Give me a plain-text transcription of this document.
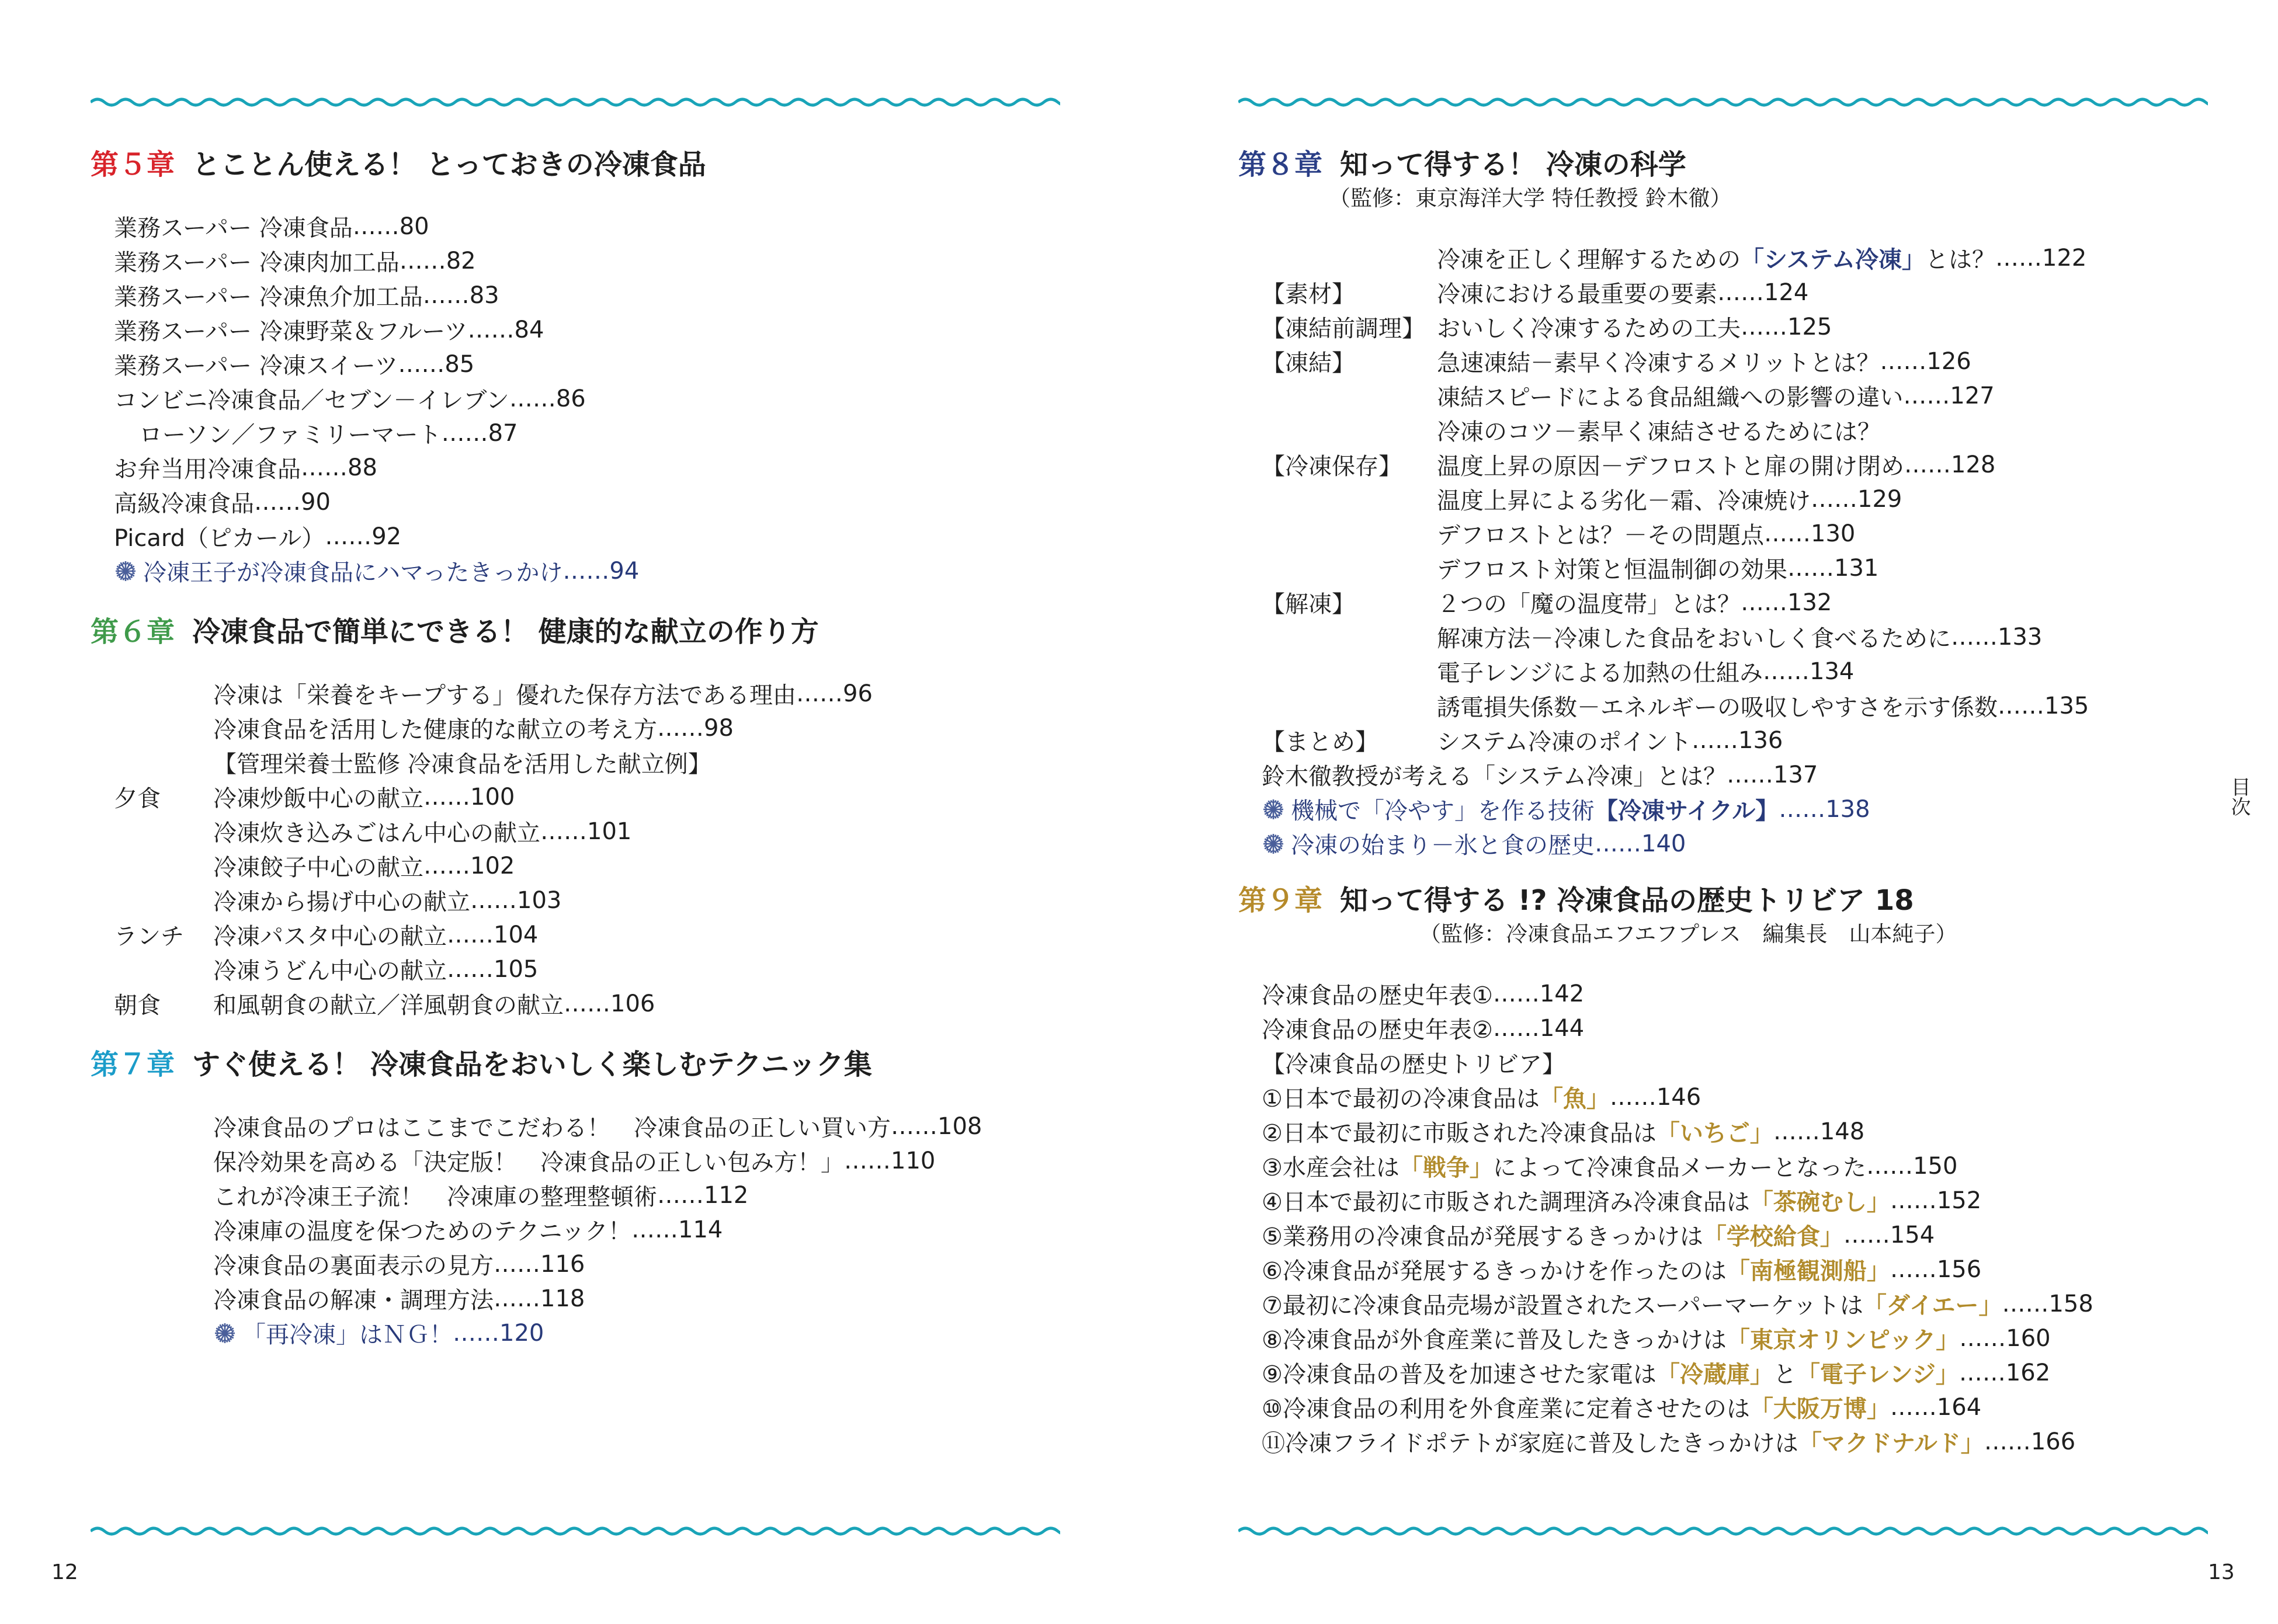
第５章 とことん使える！ とっておきの冷凍食品
業務スーパー 冷凍食品 ……80
業務スーパー 冷凍肉加工品 ……82
業務スーパー 冷凍魚介加工品 ……83
業務スーパー 冷凍野菜＆フルーツ ……84
業務スーパー 冷凍スイーツ ……85
コンビニ冷凍食品／セブン－イレブン ……86
ローソン／ファミリーマート ……87
お弁当用冷凍食品 ……88
高級冷凍食品 ……90
Picard（ピカール） ……92
冷凍王子が冷凍食品にハマったきっかけ ……94
第６章 冷凍食品で簡単にできる！ 健康的な献立の作り方
冷凍は「栄養をキープする」優れた保存方法である理由 ……96
冷凍食品を活用した健康的な献立の考え方 ……98
【管理栄養士監修 冷凍食品を活用した献立例】
夕食	冷凍炒飯中心の献立 ……100
冷凍炊き込みごはん中心の献立 ……101
冷凍餃子中心の献立 ……102
冷凍から揚げ中心の献立 ……103
ランチ	冷凍パスタ中心の献立 ……104
冷凍うどん中心の献立 ……105
朝食	和風朝食の献立／洋風朝食の献立 ……106
第７章 すぐ使える！ 冷凍食品をおいしく楽しむテクニック集
冷凍食品のプロはここまでこだわる！　冷凍食品の正しい買い方 ……108
保冷効果を高める「決定版！　冷凍食品の正しい包み方！」 ……110
これが冷凍王子流！　冷凍庫の整理整頓術 ……112
冷凍庫の温度を保つためのテクニック！ ……114
冷凍食品の裏面表示の見方 ……116
冷凍食品の解凍・調理方法 ……118
「再冷凍」はＮＧ！ ……120
第８章 知って得する！ 冷凍の科学
（監修：東京海洋大学 特任教授 鈴木徹）
冷凍を正しく理解するための 「システム冷凍」 とは？ ……122
【素材】	冷凍における最重要の要素 ……124
【凍結前調理】 おいしく冷凍するための工夫 ……125
【凍結】	急速凍結－素早く冷凍するメリットとは？ ……126
凍結スピードによる食品組織への影響の違い ……127
冷凍のコツ－素早く凍結させるためには？
【冷凍保存】	温度上昇の原因－デフロストと扉の開け閉め ……128
温度上昇による劣化－霜、冷凍焼け ……129
デフロストとは？－その問題点 ……130
デフロスト対策と恒温制御の効果 ……131
【解凍】	２つの「魔の温度帯」とは？ ……132
解凍方法－冷凍した食品をおいしく食べるために ……133
電子レンジによる加熱の仕組み ……134
誘電損失係数－エネルギーの吸収しやすさを示す係数 ……135
【まとめ】	システム冷凍のポイント ……136
鈴木徹教授が考える「システム冷凍」とは？ ……137
機械で「冷やす」を作る技術 【冷凍サイクル】 ……138
冷凍の始まり－氷と食の歴史 ……140
第９章 知って得する !? 冷凍食品の歴史トリビア 18
（監修：冷凍食品エフエフプレス　編集長　山本純子）
冷凍食品の歴史年表① ……142
冷凍食品の歴史年表② ……144
【冷凍食品の歴史トリビア】
①日本で最初の冷凍食品は 「魚」 ……146
②日本で最初に市販された冷凍食品は 「いちご」 ……148
③水産会社は 「戦争」 によって冷凍食品メーカーとなった ……150
④日本で最初に市販された調理済み冷凍食品は 「茶碗むし」 ……152
⑤業務用の冷凍食品が発展するきっかけは 「学校給食」 ……154
⑥冷凍食品が発展するきっかけを作ったのは 「南極観測船」 ……156
⑦最初に冷凍食品売場が設置されたスーパーマーケットは 「ダイエー」 ……158
⑧冷凍食品が外食産業に普及したきっかけは 「東京オリンピック」 ……160
⑨冷凍食品の普及を加速させた家電は 「冷蔵庫」 と 「電子レンジ」 ……162
⑩冷凍食品の利用を外食産業に定着させたのは 「大阪万博」 ……164
⑪冷凍フライドポテトが家庭に普及したきっかけは 「マクドナルド」 ……166
12	13
目次
